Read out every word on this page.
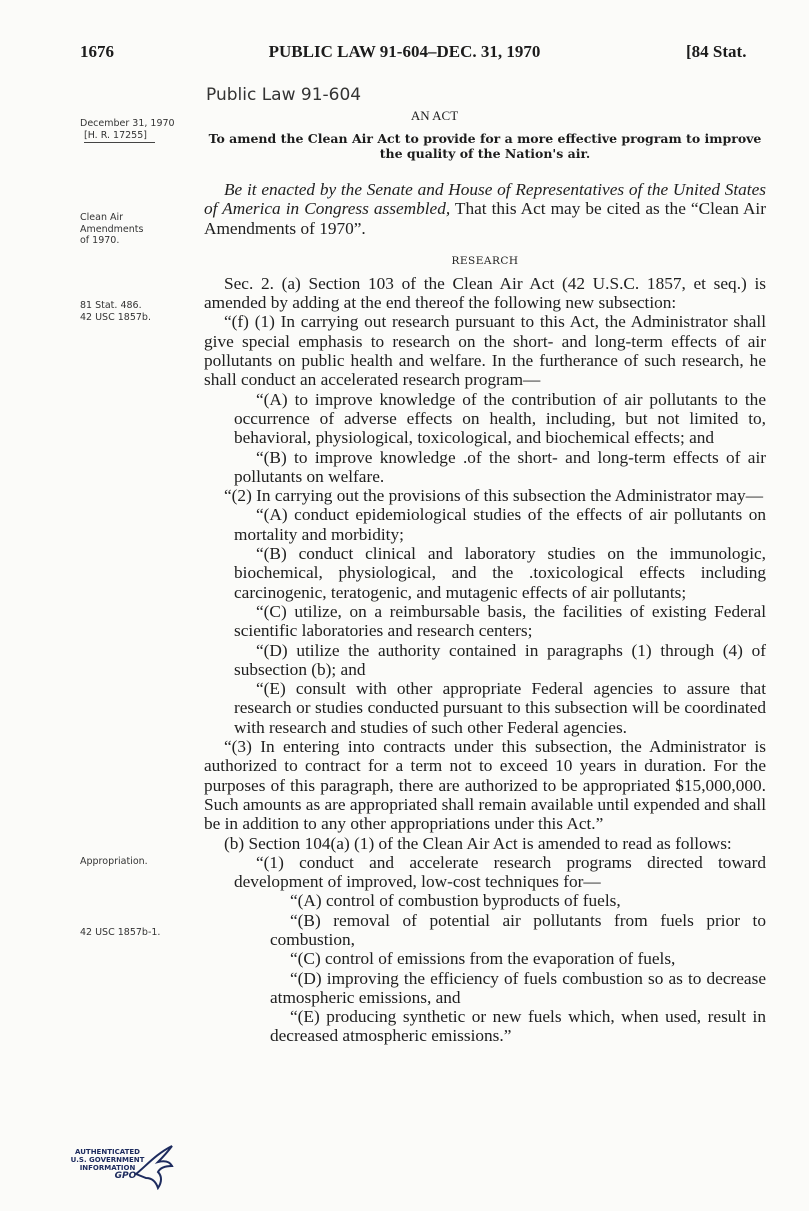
1676	PUBLIC LAW 91-604–DEC. 31, 1970	[84 Stat.
Public Law 91-604
AN ACT
December 31, 1970
[H. R. 17255]	To amend the Clean Air Act to provide for a more effective program to improve the quality of the Nation's air.
Clean Air Amendments of 1970.
81 Stat. 486.
42 USC 1857b.
Appropriation.
42 USC 1857b-1.
RESEARCH

Be it enacted by the Senate and House of Representatives of the United States of America in Congress assembled, That this Act may be cited as the “Clean Air Amendments of 1970”.

Sec. 2. (a) Section 103 of the Clean Air Act (42 U.S.C. 1857, et seq.) is amended by adding at the end thereof the following new subsection:

“(f) (1) In carrying out research pursuant to this Act, the Administrator shall give special emphasis to research on the short- and long-term effects of air pollutants on public health and welfare. In the furtherance of such research, he shall conduct an accelerated research program—

“(A) to improve knowledge of the contribution of air pollutants to the occurrence of adverse effects on health, including, but not limited to, behavioral, physiological, toxicological, and biochemical effects; and

“(B) to improve knowledge .of the short- and long-term effects of air pollutants on welfare.

“(2) In carrying out the provisions of this subsection the Administrator may—

“(A) conduct epidemiological studies of the effects of air pollutants on mortality and morbidity;

“(B) conduct clinical and laboratory studies on the immunologic, biochemical, physiological, and the .toxicological effects including carcinogenic, teratogenic, and mutagenic effects of air pollutants;

“(C) utilize, on a reimbursable basis, the facilities of existing Federal scientific laboratories and research centers;

“(D) utilize the authority contained in paragraphs (1) through (4) of subsection (b); and

“(E) consult with other appropriate Federal agencies to assure that research or studies conducted pursuant to this subsection will be coordinated with research and studies of such other Federal agencies.

“(3) In entering into contracts under this subsection, the Administrator is authorized to contract for a term not to exceed 10 years in duration. For the purposes of this paragraph, there are authorized to be appropriated $15,000,000. Such amounts as are appropriated shall remain available until expended and shall be in addition to any other appropriations under this Act.”

(b) Section 104(a) (1) of the Clean Air Act is amended to read as follows:

“(1) conduct and accelerate research programs directed toward development of improved, low-cost techniques for—

“(A) control of combustion byproducts of fuels,

“(B) removal of potential air pollutants from fuels prior to combustion,

“(C) control of emissions from the evaporation of fuels,

“(D) improving the efficiency of fuels combustion so as to decrease atmospheric emissions, and

“(E) producing synthetic or new fuels which, when used, result in decreased atmospheric emissions.”

AUTHENTICATED
U.S. GOVERNMENT
INFORMATION
GPO
